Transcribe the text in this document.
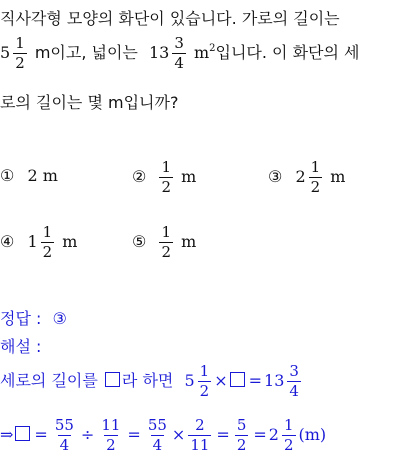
직사각형 모양의 화단이 있습니다. 가로의 길이는
$5 \frac{1}{2}$ m이고, 넓이는 $13 \frac{3}{4} m^2$입니다. 이 화단의 세
로의 길이는 몇 m입니까?
① 2 m	② $\frac{1}{2}$ m	③ $2 \frac{1}{2}$ m
④ $1 \frac{1}{2}$ m	⑤ $\frac{1}{2}$ m
정답 : ③
해설 :
세로의 길이를 라 하면 $5 \frac{1}{2}$ × = $13 \frac{3}{4}$
⇒ = $\frac{55}{4} \div \frac{11}{2} = \frac{55}{4} \times \frac{2}{11} = \frac{5}{2} = 2 \frac{1}{2} (m)$
